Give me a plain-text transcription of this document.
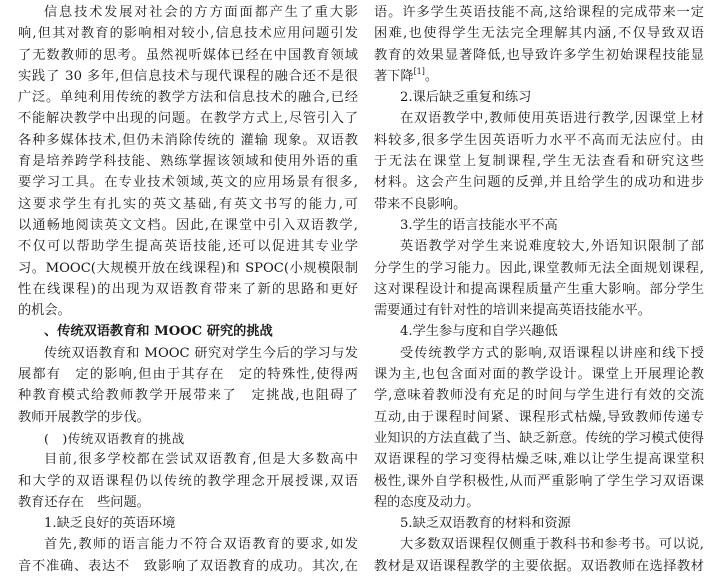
信息技术发展对社会的方方面面都产生了重大影
响,但其对教育的影响相对较小,信息技术应用问题引发
了无数教师的思考。虽然视听媒体已经在中国教育领域
实践了 30 多年,但信息技术与现代课程的融合还不是很
广泛。单纯利用传统的教学方法和信息技术的融合,已经
不能解决教学中出现的问题。在教学方式上,尽管引入了
各种多媒体技术,但仍未消除传统的 灌输 现象。双语教
育是培养跨学科技能、熟练掌握该领域和使用外语的重
要学习工具。在专业技术领域,英文的应用场景有很多,
这要求学生有扎实的英文基础,有英文书写的能力,可
以通畅地阅读英文文档。因此,在课堂中引入双语教学,
不仅可以帮助学生提高英语技能,还可以促进其专业学
习。MOOC(大规模开放在线课程)和 SPOC(小规模限制
性在线课程)的出现为双语教育带来了新的思路和更好
的机会。
、传统双语教育和 MOOC 研究的挑战
传统双语教育和 MOOC 研究对学生今后的学习与发
展都有　定的影响,但由于其存在　定的特殊性,使得两
种教育模式给教师教学开展带来了　定挑战,也阻碍了
教师开展教学的步伐。
(　)传统双语教育的挑战
目前,很多学校都在尝试双语教育,但是大多数高中
和大学的双语课程仍以传统的教学理念开展授课,双语
教育还存在　些问题。
1.缺乏良好的英语环境
首先,教师的语言能力不符合双语教育的要求,如发
音不准确、表达不　致影响了双语教育的成功。其次,在
语。许多学生英语技能不高,这给课程的完成带来一定
困难,也使得学生无法完全理解其内涵,不仅导致双语
教育的效果显著降低,也导致许多学生初始课程技能显
著下降[1]。
2.课后缺乏重复和练习
在双语教学中,教师使用英语进行教学,因课堂上材
料较多,很多学生因英语听力水平不高而无法应付。由
于无法在课堂上复制课程,学生无法查看和研究这些
材料。这会产生问题的反弹,并且给学生的成功和进步
带来不良影响。
3.学生的语言技能水平不高
英语教学对学生来说难度较大,外语知识限制了部
分学生的学习能力。因此,课堂教师无法全面规划课程,
这对课程设计和提高课程质量产生重大影响。部分学生
需要通过有针对性的培训来提高英语技能水平。
4.学生参与度和自学兴趣低
受传统教学方式的影响,双语课程以讲座和线下授
课为主,也包含面对面的教学设计。课堂上开展理论教
学,意味着教师没有充足的时间与学生进行有效的交流
互动,由于课程时间紧、课程形式枯燥,导致教师传递专
业知识的方法直截了当、缺乏新意。传统的学习模式使得
双语课程的学习变得枯燥乏味,难以让学生提高课堂积
极性,课外自学积极性,从而严重影响了学生学习双语课
程的态度及动力。
5.缺乏双语教育的材料和资源
大多数双语课程仅侧重于教科书和参考书。可以说,
教材是双语课程教学的主要依据。双语教师在选择教材
